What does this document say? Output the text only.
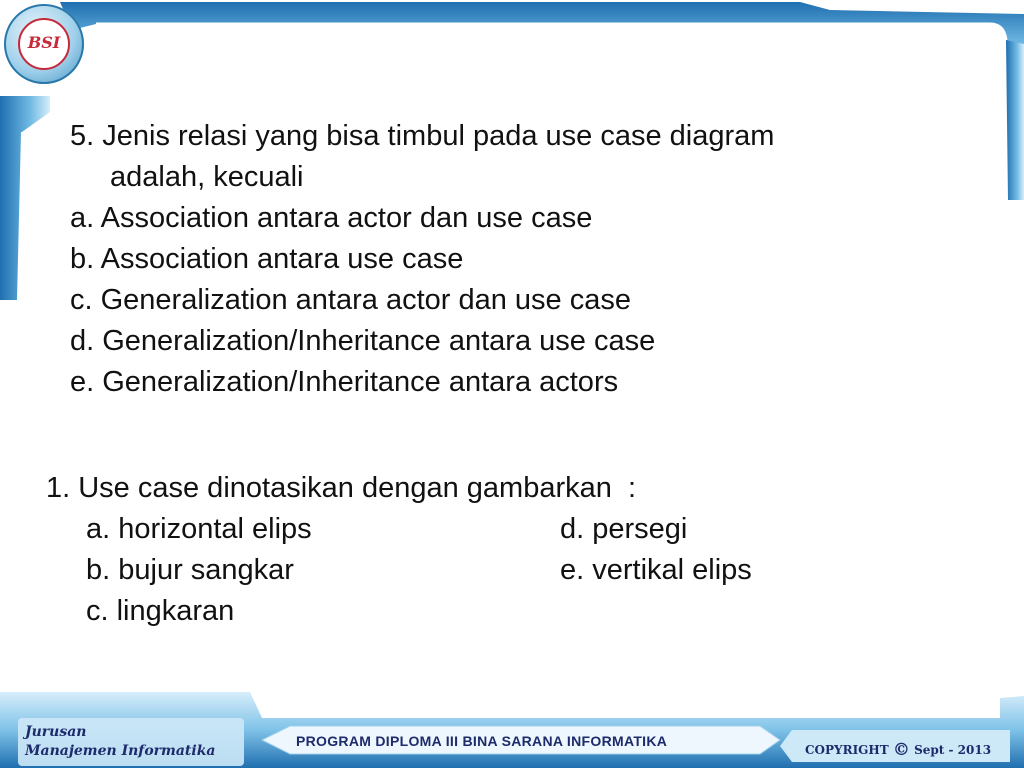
BSI
5. Jenis relasi yang bisa timbul pada use case diagram
adalah, kecuali
a. Association antara actor dan use case
b. Association antara use case
c. Generalization antara actor dan use case
d. Generalization/Inheritance antara use case
e. Generalization/Inheritance antara actors
1. Use case dinotasikan dengan gambarkan  :
a. horizontal elips
b. bujur sangkar
c. lingkaran
d. persegi
e. vertikal elips
Jurusan
Manajemen Informatika
PROGRAM DIPLOMA III BINA SARANA INFORMATIKA
COPYRIGHT © Sept - 2013
